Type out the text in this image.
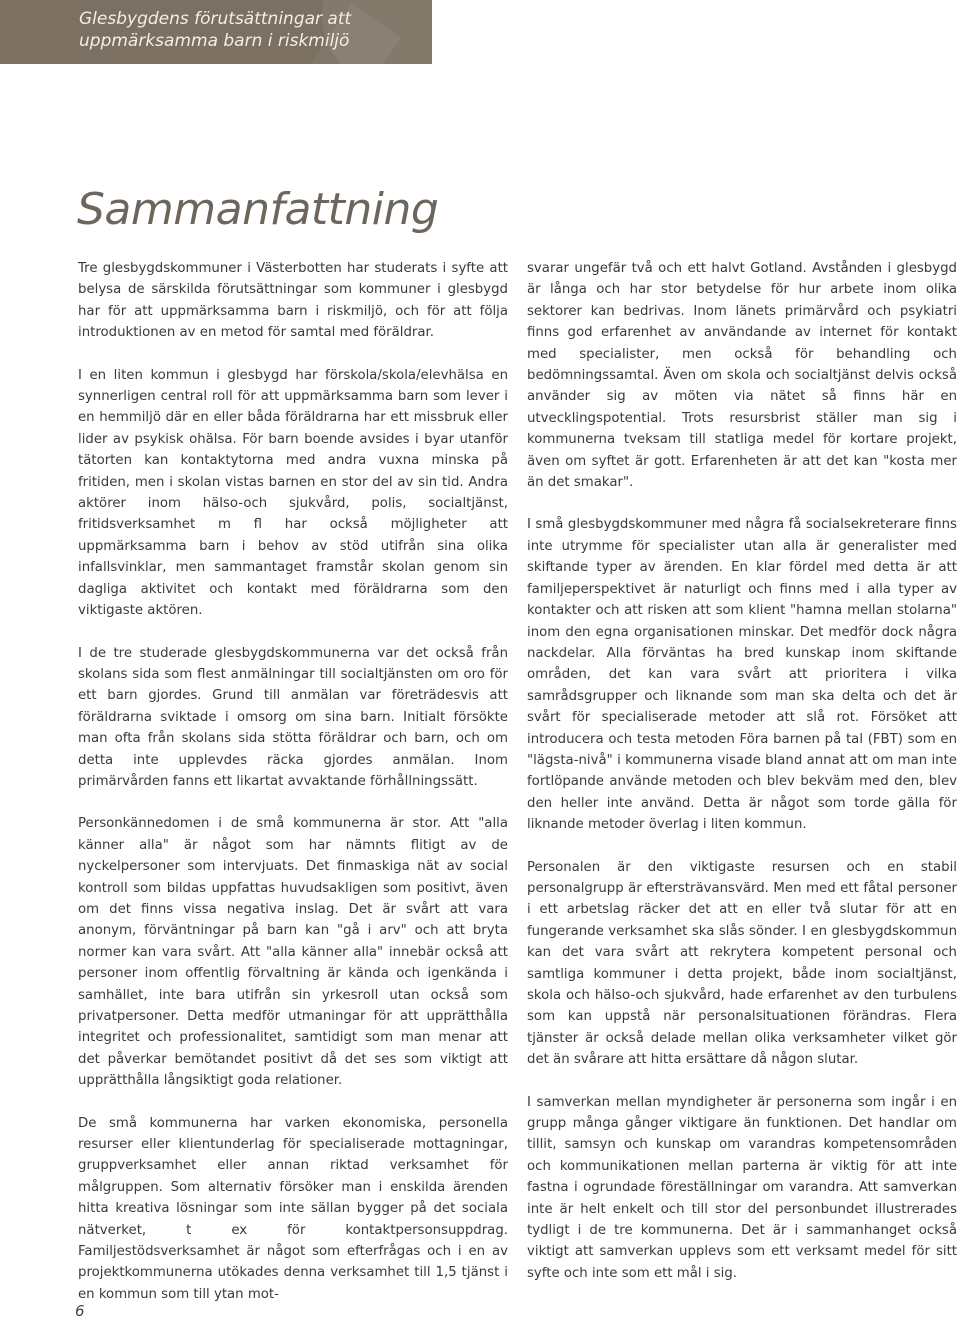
Glesbygdens förutsättningar att uppmärksamma barn i riskmiljö
Sammanfattning

Tre glesbygdskommuner i Västerbotten har studerats i syfte att belysa de särskilda förutsättningar som kommuner i glesbygd har för att uppmärksamma barn i riskmiljö, och för att följa introduktionen av en metod för samtal med föräldrar.

I en liten kommun i glesbygd har förskola/skola/elevhälsa en synnerligen central roll för att uppmärksamma barn som lever i en hemmiljö där en eller båda föräldrarna har ett missbruk eller lider av psykisk ohälsa. För barn boende avsides i byar utanför tätorten kan kontaktytorna med andra vuxna minska på fritiden, men i skolan vistas barnen en stor del av sin tid. Andra aktörer inom hälso-och sjukvård, polis, socialtjänst, fritidsverksamhet m fl har också möjligheter att uppmärksamma barn i behov av stöd utifrån sina olika infallsvinklar, men sammantaget framstår skolan genom sin dagliga aktivitet och kontakt med föräldrarna som den viktigaste aktören.

I de tre studerade glesbygdskommunerna var det också från skolans sida som flest anmälningar till socialtjänsten om oro för ett barn gjordes. Grund till anmälan var företrädesvis att föräldrarna sviktade i omsorg om sina barn. Initialt försökte man ofta från skolans sida stötta föräldrar och barn, och om detta inte upplevdes räcka gjordes anmälan. Inom primärvården fanns ett likartat avvaktande förhållningssätt.

Personkännedomen i de små kommunerna är stor. Att "alla känner alla" är något som har nämnts flitigt av de nyckelpersoner som intervjuats. Det finmaskiga nät av social kontroll som bildas uppfattas huvudsakligen som positivt, även om det finns vissa negativa inslag. Det är svårt att vara anonym, förväntningar på barn kan "gå i arv" och att bryta normer kan vara svårt. Att "alla känner alla" innebär också att personer inom offentlig förvaltning är kända och igenkända i samhället, inte bara utifrån sin yrkesroll utan också som privatpersoner. Detta medför utmaningar för att upprätthålla integritet och professionalitet, samtidigt som man menar att det påverkar bemötandet positivt då det ses som viktigt att upprätthålla långsiktigt goda relationer.

De små kommunerna har varken ekonomiska, personella resurser eller klientunderlag för specialiserade mottagningar, gruppverksamhet eller annan riktad verksamhet för målgruppen. Som alternativ försöker man i enskilda ärenden hitta kreativa lösningar som inte sällan bygger på det sociala nätverket, t ex för kontaktpersonsuppdrag. Familjestödsverksamhet är något som efterfrågas och i en av projektkommunerna utökades denna verksamhet till 1,5 tjänst i en kommun som till ytan mot-

svarar ungefär två och ett halvt Gotland. Avstånden i glesbygd är långa och har stor betydelse för hur arbete inom olika sektorer kan bedrivas. Inom länets primärvård och psykiatri finns god erfarenhet av användande av internet för kontakt med specialister, men också för behandling och bedömningssamtal. Även om skola och socialtjänst delvis också använder sig av möten via nätet så finns här en utvecklingspotential. Trots resursbrist ställer man sig i kommunerna tveksam till statliga medel för kortare projekt, även om syftet är gott. Erfarenheten är att det kan "kosta mer än det smakar".

I små glesbygdskommuner med några få socialsekreterare finns inte utrymme för specialister utan alla är generalister med skiftande typer av ärenden. En klar fördel med detta är att familjeperspektivet är naturligt och finns med i alla typer av kontakter och att risken att som klient "hamna mellan stolarna" inom den egna organisationen minskar. Det medför dock några nackdelar. Alla förväntas ha bred kunskap inom skiftande områden, det kan vara svårt att prioritera i vilka samrådsgrupper och liknande som man ska delta och det är svårt för specialiserade metoder att slå rot. Försöket att introducera och testa metoden Föra barnen på tal (FBT) som en "lägsta-nivå" i kommunerna visade bland annat att om man inte fortlöpande använde metoden och blev bekväm med den, blev den heller inte använd. Detta är något som torde gälla för liknande metoder överlag i liten kommun.

Personalen är den viktigaste resursen och en stabil personalgrupp är eftersträvansvärd. Men med ett fåtal personer i ett arbetslag räcker det att en eller två slutar för att en fungerande verksamhet ska slås sönder. I en glesbygdskommun kan det vara svårt att rekrytera kompetent personal och samtliga kommuner i detta projekt, både inom socialtjänst, skola och hälso-och sjukvård, hade erfarenhet av den turbulens som kan uppstå när personalsituationen förändras. Flera tjänster är också delade mellan olika verksamheter vilket gör det än svårare att hitta ersättare då någon slutar.

I samverkan mellan myndigheter är personerna som ingår i en grupp många gånger viktigare än funktionen. Det handlar om tillit, samsyn och kunskap om varandras kompetensområden och kommunikationen mellan parterna är viktig för att inte fastna i ogrundade föreställningar om varandra. Att samverkan inte är helt enkelt och till stor del personbundet illustrerades tydligt i de tre kommunerna. Det är i sammanhanget också viktigt att samverkan upplevs som ett verksamt medel för sitt syfte och inte som ett mål i sig.

6
